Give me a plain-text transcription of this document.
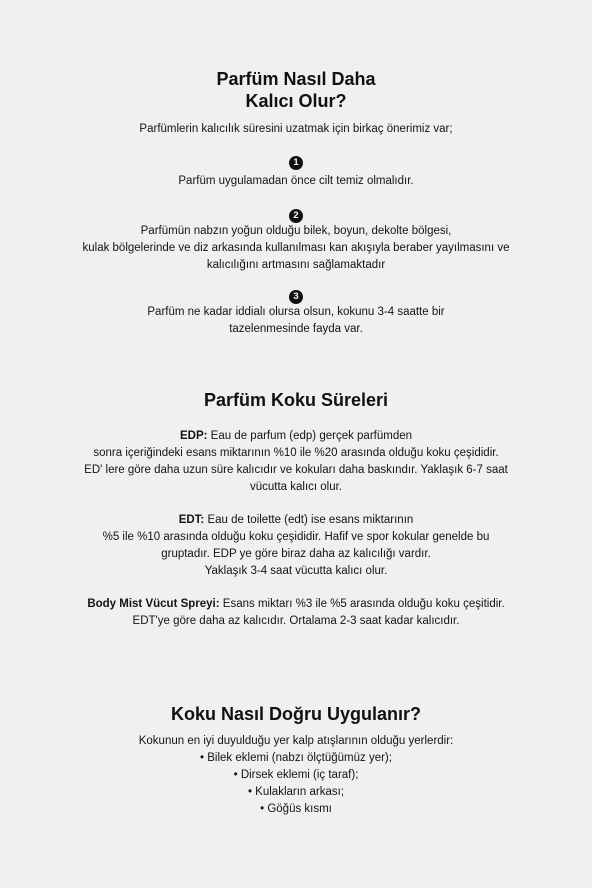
Parfüm Nasıl Daha
Kalıcı Olur?

Parfümlerin kalıcılık süresini uzatmak için birkaç önerimiz var;

1

Parfüm uygulamadan önce cilt temiz olmalıdır.

2

Parfümün nabzın yoğun olduğu bilek, boyun, dekolte bölgesi,

kulak bölgelerinde ve diz arkasında kullanılması kan akışıyla beraber yayılmasını ve

kalıcılığını artmasını sağlamaktadır

3

Parfüm ne kadar iddialı olursa olsun, kokunu 3-4 saatte bir

tazelenmesinde fayda var.

Parfüm Koku Süreleri

EDP: Eau de parfum (edp) gerçek parfümden

sonra içeriğindeki esans miktarının %10 ile %20 arasında olduğu koku çeşididir.

ED' lere göre daha uzun süre kalıcıdır ve kokuları daha baskındır. Yaklaşık 6-7 saat

vücutta kalıcı olur.

EDT: Eau de toilette (edt) ise esans miktarının

%5 ile %10 arasında olduğu koku çeşididir. Hafif ve spor kokular genelde bu

gruptadır. EDP ye göre biraz daha az kalıcılığı vardır.

Yaklaşık 3-4 saat vücutta kalıcı olur.

Body Mist Vücut Spreyi: Esans miktarı %3 ile %5 arasında olduğu koku çeşitidir.

EDT'ye göre daha az kalıcıdır. Ortalama 2-3 saat kadar kalıcıdır.

Koku Nasıl Doğru Uygulanır?

Kokunun en iyi duyulduğu yer kalp atışlarının olduğu yerlerdir:

• Bilek eklemi (nabzı ölçtüğümüz yer);

• Dirsek eklemi (iç taraf);

• Kulakların arkası;

• Göğüs kısmı
